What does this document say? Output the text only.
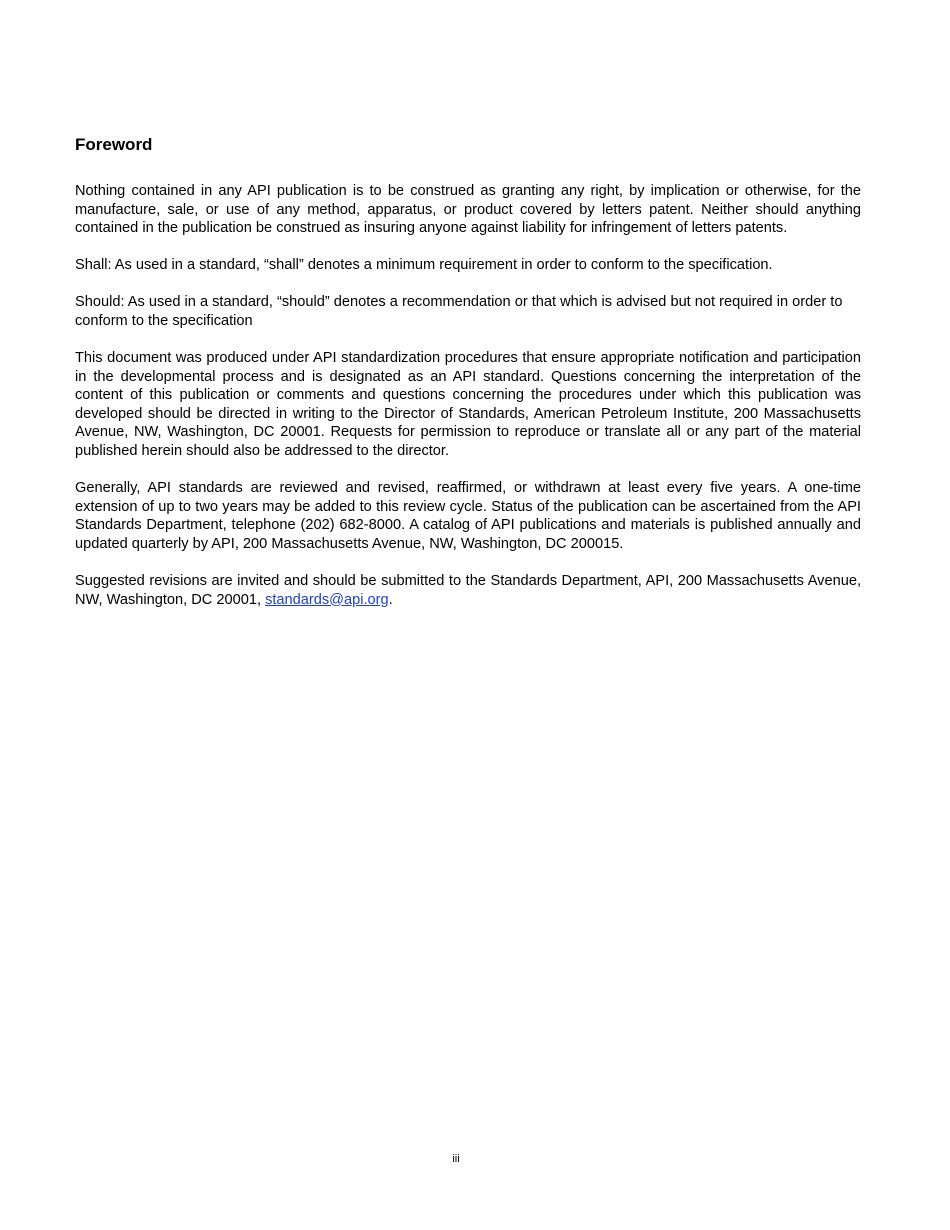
Foreword

Nothing contained in any API publication is to be construed as granting any right, by implication or otherwise, for the manufacture, sale, or use of any method, apparatus, or product covered by letters patent. Neither should anything contained in the publication be construed as insuring anyone against liability for infringement of letters patents.

Shall: As used in a standard, “shall” denotes a minimum requirement in order to conform to the specification.

Should: As used in a standard, “should” denotes a recommendation or that which is advised but not required in order to conform to the specification

This document was produced under API standardization procedures that ensure appropriate notification and participation in the developmental process and is designated as an API standard. Questions concerning the interpretation of the content of this publication or comments and questions concerning the procedures under which this publication was developed should be directed in writing to the Director of Standards, American Petroleum Institute, 200 Massachusetts Avenue, NW, Washington, DC 20001. Requests for permission to reproduce or translate all or any part of the material published herein should also be addressed to the director.

Generally, API standards are reviewed and revised, reaffirmed, or withdrawn at least every five years. A one-time extension of up to two years may be added to this review cycle. Status of the publication can be ascertained from the API Standards Department, telephone (202) 682-8000. A catalog of API publications and materials is published annually and updated quarterly by API, 200 Massachusetts Avenue, NW, Washington, DC 200015.

Suggested revisions are invited and should be submitted to the Standards Department, API, 200 Massachusetts Avenue, NW, Washington, DC 20001, standards@api.org.

iii
